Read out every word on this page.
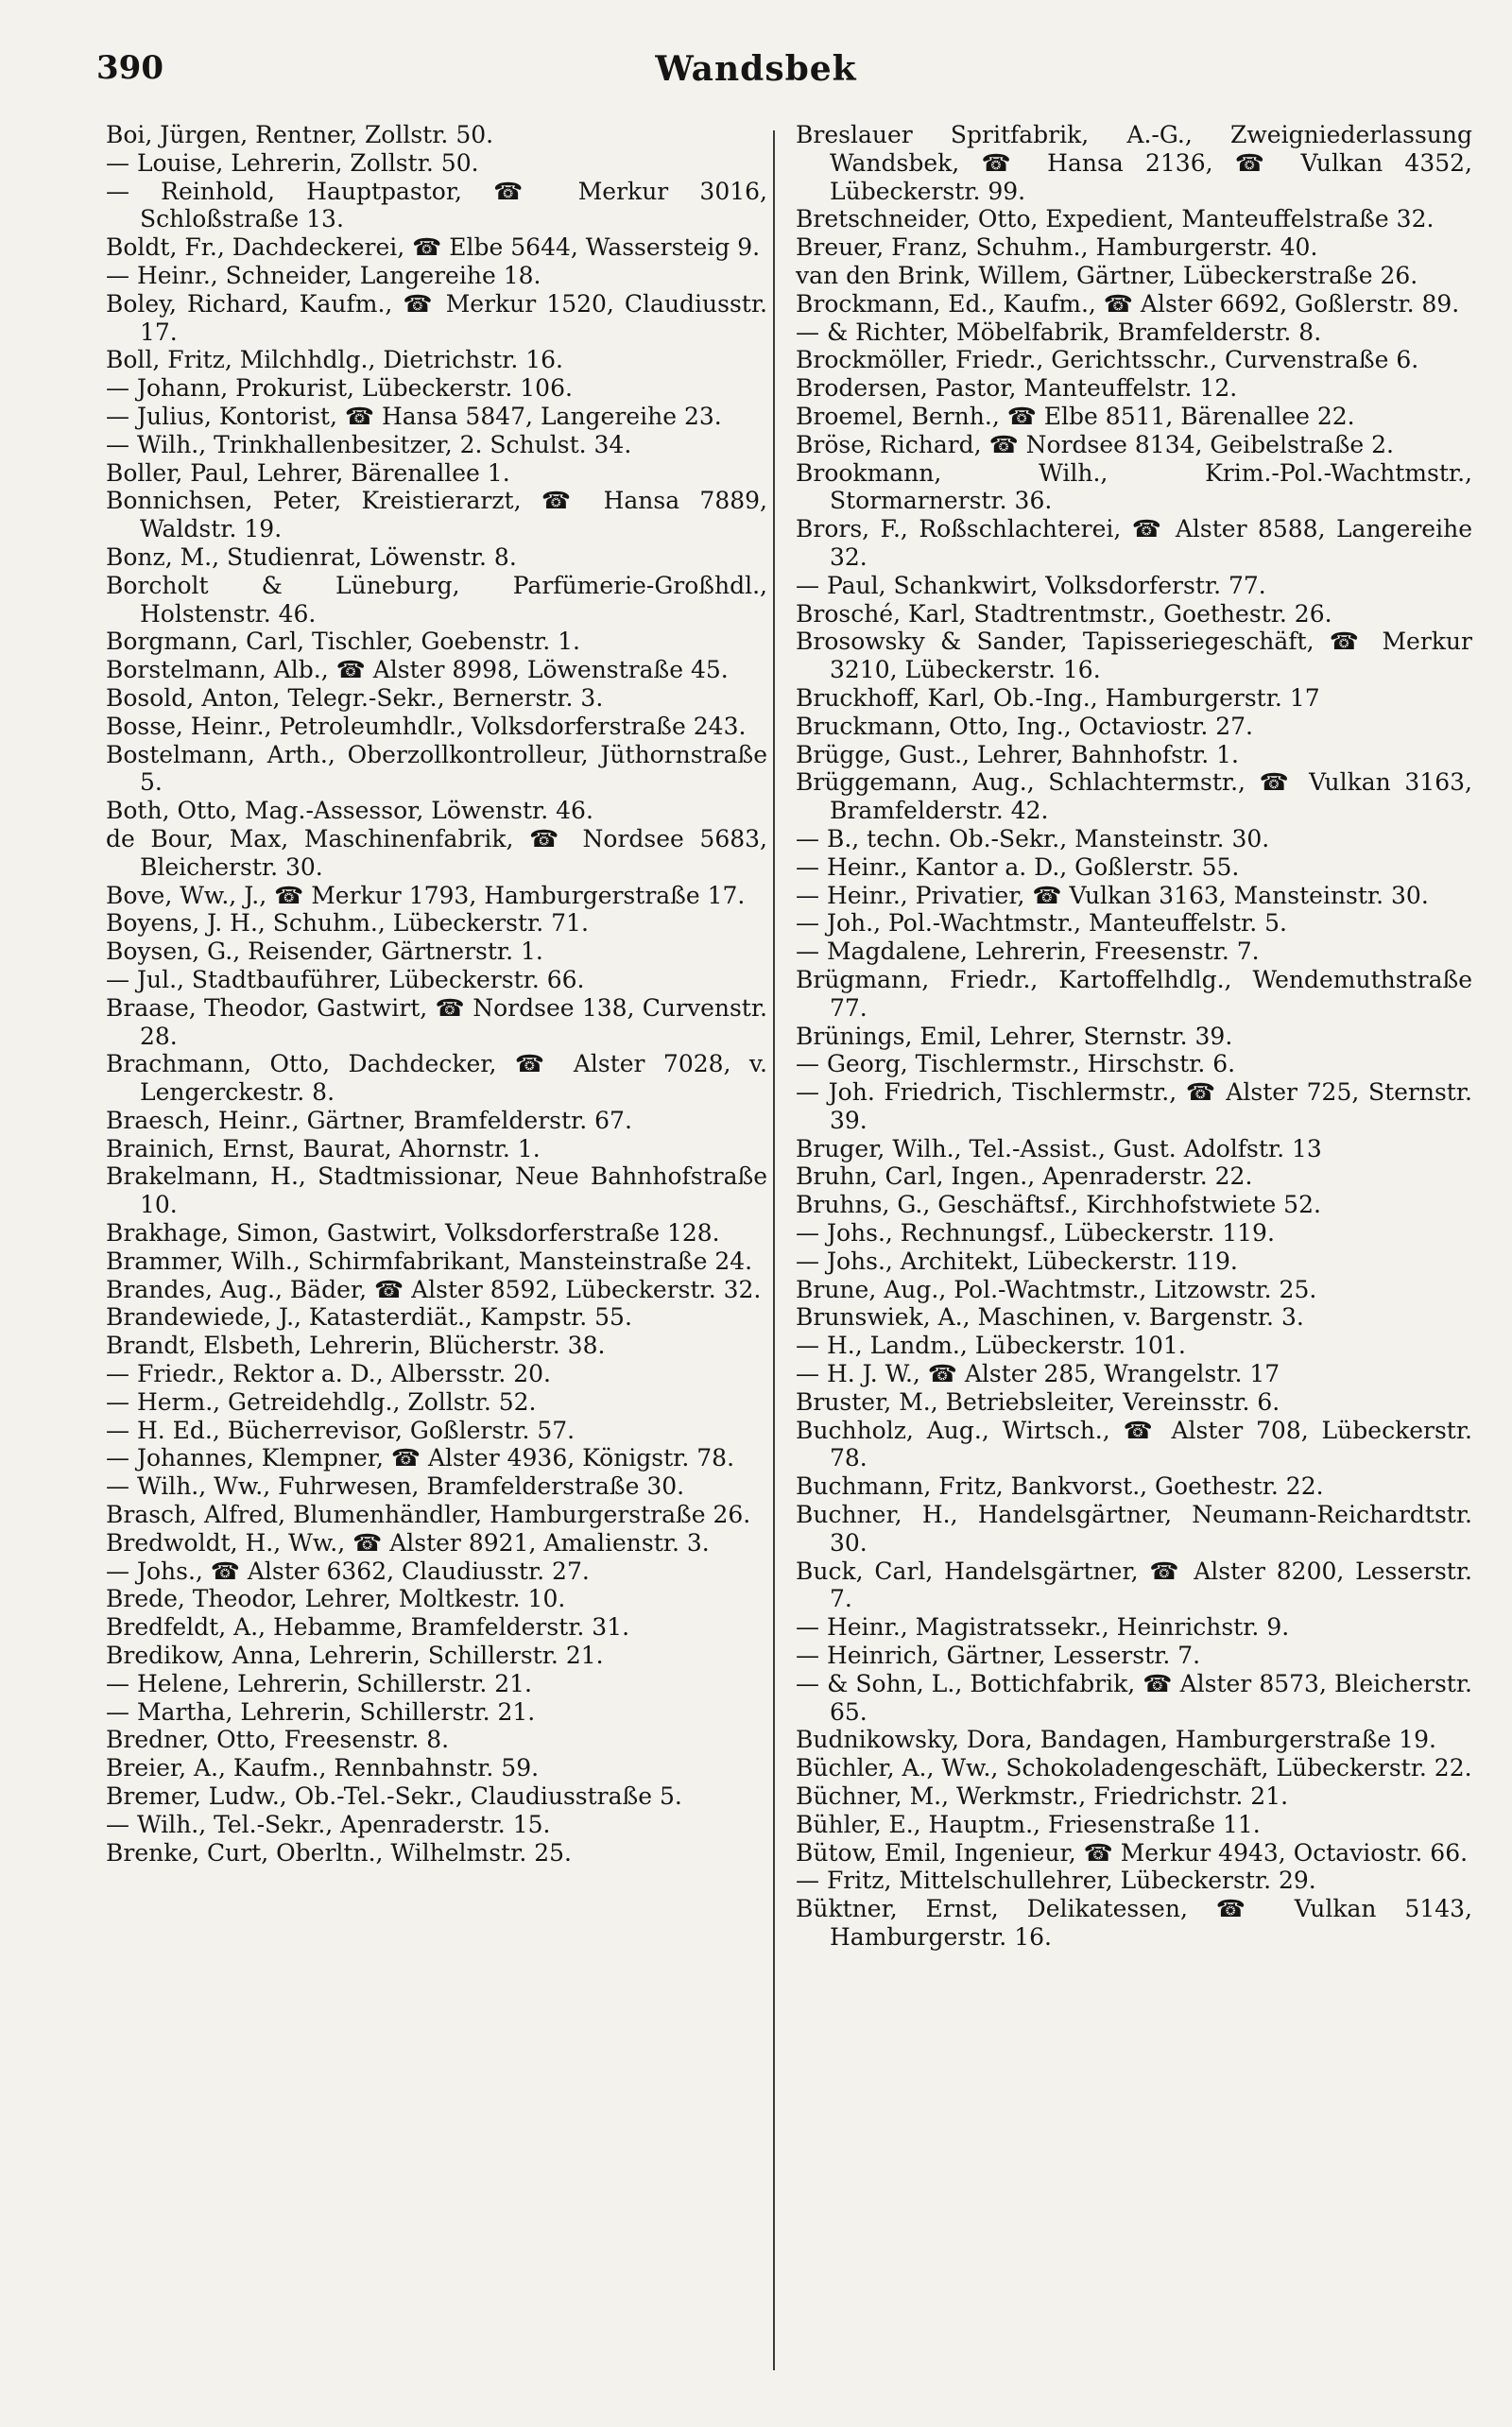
390	Wandsbek

Boi, Jürgen, Rentner, Zollstr. 50.

— Louise, Lehrerin, Zollstr. 50.

— Reinhold, Hauptpastor, ☎ Merkur 3016, Schloßstraße 13.

Boldt, Fr., Dachdeckerei, ☎ Elbe 5644, Wassersteig 9.

— Heinr., Schneider, Langereihe 18.

Boley, Richard, Kaufm., ☎ Merkur 1520, Claudiusstr. 17.

Boll, Fritz, Milchhdlg., Dietrichstr. 16.

— Johann, Prokurist, Lübeckerstr. 106.

— Julius, Kontorist, ☎ Hansa 5847, Langereihe 23.

— Wilh., Trinkhallenbesitzer, 2. Schulst. 34.

Boller, Paul, Lehrer, Bärenallee 1.

Bonnichsen, Peter, Kreistierarzt, ☎ Hansa 7889, Waldstr. 19.

Bonz, M., Studienrat, Löwenstr. 8.

Borcholt & Lüneburg, Parfümerie-Großhdl., Holstenstr. 46.

Borgmann, Carl, Tischler, Goebenstr. 1.

Borstelmann, Alb., ☎ Alster 8998, Löwenstraße 45.

Bosold, Anton, Telegr.-Sekr., Bernerstr. 3.

Bosse, Heinr., Petroleumhdlr., Volksdorferstraße 243.

Bostelmann, Arth., Oberzollkontrolleur, Jüthornstraße 5.

Both, Otto, Mag.-Assessor, Löwenstr. 46.

de Bour, Max, Maschinenfabrik, ☎ Nordsee 5683, Bleicherstr. 30.

Bove, Ww., J., ☎ Merkur 1793, Hamburgerstraße 17.

Boyens, J. H., Schuhm., Lübeckerstr. 71.

Boysen, G., Reisender, Gärtnerstr. 1.

— Jul., Stadtbauführer, Lübeckerstr. 66.

Braase, Theodor, Gastwirt, ☎ Nordsee 138, Curvenstr. 28.

Brachmann, Otto, Dachdecker, ☎ Alster 7028, v. Lengerckestr. 8.

Braesch, Heinr., Gärtner, Bramfelderstr. 67.

Brainich, Ernst, Baurat, Ahornstr. 1.

Brakelmann, H., Stadtmissionar, Neue Bahnhofstraße 10.

Brakhage, Simon, Gastwirt, Volksdorferstraße 128.

Brammer, Wilh., Schirmfabrikant, Mansteinstraße 24.

Brandes, Aug., Bäder, ☎ Alster 8592, Lübeckerstr. 32.

Brandewiede, J., Katasterdiät., Kampstr. 55.

Brandt, Elsbeth, Lehrerin, Blücherstr. 38.

— Friedr., Rektor a. D., Albersstr. 20.

— Herm., Getreidehdlg., Zollstr. 52.

— H. Ed., Bücherrevisor, Goßlerstr. 57.

— Johannes, Klempner, ☎ Alster 4936, Königstr. 78.

— Wilh., Ww., Fuhrwesen, Bramfelderstraße 30.

Brasch, Alfred, Blumenhändler, Hamburgerstraße 26.

Bredwoldt, H., Ww., ☎ Alster 8921, Amalienstr. 3.

— Johs., ☎ Alster 6362, Claudiusstr. 27.

Brede, Theodor, Lehrer, Moltkestr. 10.

Bredfeldt, A., Hebamme, Bramfelderstr. 31.

Bredikow, Anna, Lehrerin, Schillerstr. 21.

— Helene, Lehrerin, Schillerstr. 21.

— Martha, Lehrerin, Schillerstr. 21.

Bredner, Otto, Freesenstr. 8.

Breier, A., Kaufm., Rennbahnstr. 59.

Bremer, Ludw., Ob.-Tel.-Sekr., Claudiusstraße 5.

— Wilh., Tel.-Sekr., Apenraderstr. 15.

Brenke, Curt, Oberltn., Wilhelmstr. 25.

Breslauer Spritfabrik, A.-G., Zweigniederlassung Wandsbek, ☎ Hansa 2136, ☎ Vulkan 4352, Lübeckerstr. 99.

Bretschneider, Otto, Expedient, Manteuffelstraße 32.

Breuer, Franz, Schuhm., Hamburgerstr. 40.

van den Brink, Willem, Gärtner, Lübeckerstraße 26.

Brockmann, Ed., Kaufm., ☎ Alster 6692, Goßlerstr. 89.

— & Richter, Möbelfabrik, Bramfelderstr. 8.

Brockmöller, Friedr., Gerichtsschr., Curvenstraße 6.

Brodersen, Pastor, Manteuffelstr. 12.

Broemel, Bernh., ☎ Elbe 8511, Bärenallee 22.

Bröse, Richard, ☎ Nordsee 8134, Geibelstraße 2.

Brookmann, Wilh., Krim.-Pol.-Wachtmstr., Stormarnerstr. 36.

Brors, F., Roßschlachterei, ☎ Alster 8588, Langereihe 32.

— Paul, Schankwirt, Volksdorferstr. 77.

Brosché, Karl, Stadtrentmstr., Goethestr. 26.

Brosowsky & Sander, Tapisseriegeschäft, ☎ Merkur 3210, Lübeckerstr. 16.

Bruckhoff, Karl, Ob.-Ing., Hamburgerstr. 17

Bruckmann, Otto, Ing., Octaviostr. 27.

Brügge, Gust., Lehrer, Bahnhofstr. 1.

Brüggemann, Aug., Schlachtermstr., ☎ Vulkan 3163, Bramfelderstr. 42.

— B., techn. Ob.-Sekr., Mansteinstr. 30.

— Heinr., Kantor a. D., Goßlerstr. 55.

— Heinr., Privatier, ☎ Vulkan 3163, Mansteinstr. 30.

— Joh., Pol.-Wachtmstr., Manteuffelstr. 5.

— Magdalene, Lehrerin, Freesenstr. 7.

Brügmann, Friedr., Kartoffelhdlg., Wendemuthstraße 77.

Brünings, Emil, Lehrer, Sternstr. 39.

— Georg, Tischlermstr., Hirschstr. 6.

— Joh. Friedrich, Tischlermstr., ☎ Alster 725, Sternstr. 39.

Bruger, Wilh., Tel.-Assist., Gust. Adolfstr. 13

Bruhn, Carl, Ingen., Apenraderstr. 22.

Bruhns, G., Geschäftsf., Kirchhofstwiete 52.

— Johs., Rechnungsf., Lübeckerstr. 119.

— Johs., Architekt, Lübeckerstr. 119.

Brune, Aug., Pol.-Wachtmstr., Litzowstr. 25.

Brunswiek, A., Maschinen, v. Bargenstr. 3.

— H., Landm., Lübeckerstr. 101.

— H. J. W., ☎ Alster 285, Wrangelstr. 17

Bruster, M., Betriebsleiter, Vereinsstr. 6.

Buchholz, Aug., Wirtsch., ☎ Alster 708, Lübeckerstr. 78.

Buchmann, Fritz, Bankvorst., Goethestr. 22.

Buchner, H., Handelsgärtner, Neumann-Reichardtstr. 30.

Buck, Carl, Handelsgärtner, ☎ Alster 8200, Lesserstr. 7.

— Heinr., Magistratssekr., Heinrichstr. 9.

— Heinrich, Gärtner, Lesserstr. 7.

— & Sohn, L., Bottichfabrik, ☎ Alster 8573, Bleicherstr. 65.

Budnikowsky, Dora, Bandagen, Hamburgerstraße 19.

Büchler, A., Ww., Schokoladengeschäft, Lübeckerstr. 22.

Büchner, M., Werkmstr., Friedrichstr. 21.

Bühler, E., Hauptm., Friesenstraße 11.

Bütow, Emil, Ingenieur, ☎ Merkur 4943, Octaviostr. 66.

— Fritz, Mittelschullehrer, Lübeckerstr. 29.

Büktner, Ernst, Delikatessen, ☎ Vulkan 5143, Hamburgerstr. 16.
